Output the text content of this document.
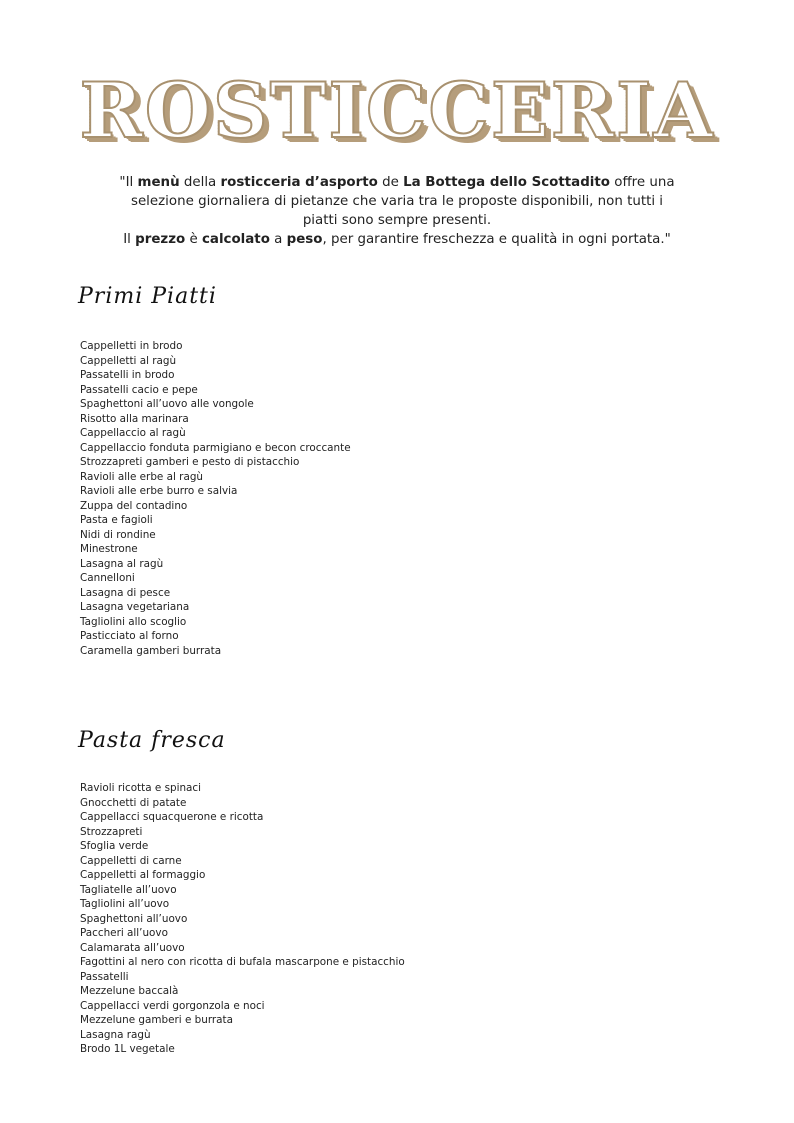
ROSTICCERIA
"Il menù della rosticceria d’asporto de La Bottega dello Scottadito offre una
selezione giornaliera di pietanze che varia tra le proposte disponibili, non tutti i
piatti sono sempre presenti.
Il prezzo è calcolato a peso, per garantire freschezza e qualità in ogni portata."
Primi Piatti
Cappelletti in brodo
Cappelletti al ragù
Passatelli in brodo
Passatelli cacio e pepe
Spaghettoni all’uovo alle vongole
Risotto alla marinara
Cappellaccio al ragù
Cappellaccio fonduta parmigiano e becon croccante
Strozzapreti gamberi e pesto di pistacchio
Ravioli alle erbe al ragù
Ravioli alle erbe burro e salvia
Zuppa del contadino
Pasta e fagioli
Nidi di rondine
Minestrone
Lasagna al ragù
Cannelloni
Lasagna di pesce
Lasagna vegetariana
Tagliolini allo scoglio
Pasticciato al forno
Caramella gamberi burrata
Pasta fresca
Ravioli ricotta e spinaci
Gnocchetti di patate
Cappellacci squacquerone e ricotta
Strozzapreti
Sfoglia verde
Cappelletti di carne
Cappelletti al formaggio
Tagliatelle all’uovo
Tagliolini all’uovo
Spaghettoni all’uovo
Paccheri all’uovo
Calamarata all’uovo
Fagottini al nero con ricotta di bufala mascarpone e pistacchio
Passatelli
Mezzelune baccalà
Cappellacci verdi gorgonzola e noci
Mezzelune gamberi e burrata
Lasagna ragù
Brodo 1L vegetale
